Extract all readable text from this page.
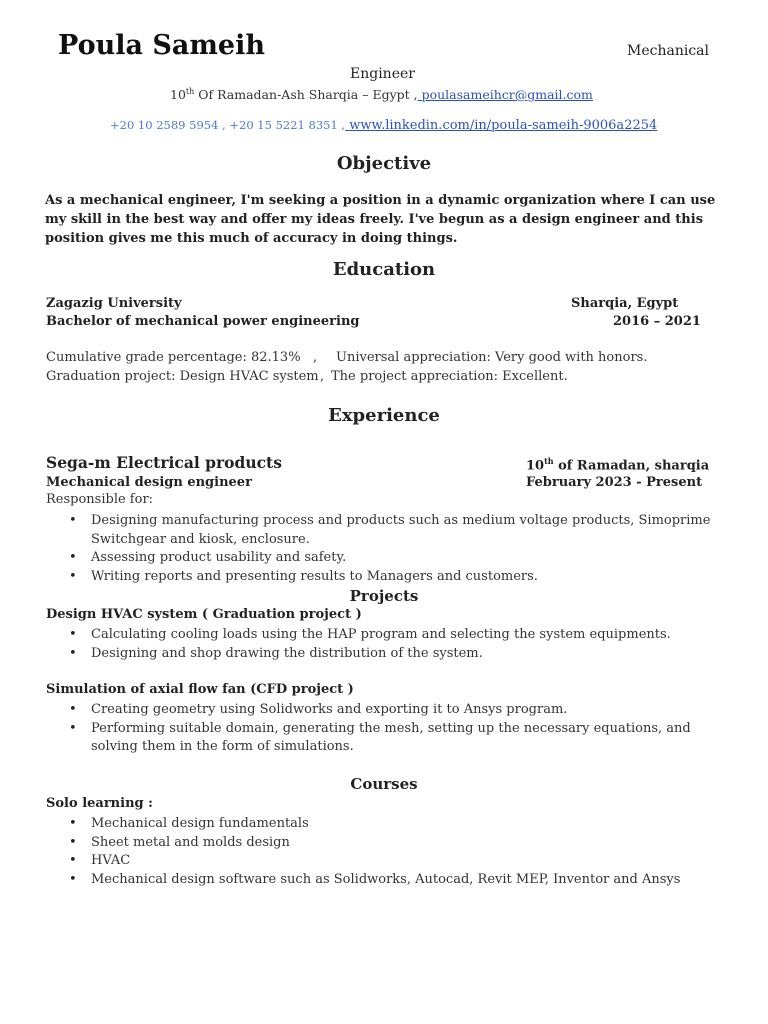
Poula Sameih	Mechanical
Engineer
10th Of Ramadan-Ash Sharqia – Egypt , poulasameihcr@gmail.com
+20 10 2589 5954 , +20 15 5221 8351 , www.linkedin.com/in/poula-sameih-9006a2254
Objective
As a mechanical engineer, I'm seeking a position in a dynamic organization where I can use my skill in the best way and offer my ideas freely. I've begun as a design engineer and this position gives me this much of accuracy in doing things.
Education
Zagazig University	Sharqia, Egypt
Bachelor of mechanical power engineering	2016 – 2021
Cumulative grade percentage: 82.13% , Universal appreciation: Very good with honors.
Graduation project: Design HVAC system , The project appreciation: Excellent.
Experience
Sega-m Electrical products	10th of Ramadan, sharqia
Mechanical design engineer	February 2023 - Present
Responsible for:
• Designing manufacturing process and products such as medium voltage products, Simoprime Switchgear and kiosk, enclosure.
• Assessing product usability and safety.
• Writing reports and presenting results to Managers and customers.
Projects
Design HVAC system ( Graduation project )
• Calculating cooling loads using the HAP program and selecting the system equipments.
• Designing and shop drawing the distribution of the system.
Simulation of axial flow fan (CFD project )
• Creating geometry using Solidworks and exporting it to Ansys program.
• Performing suitable domain, generating the mesh, setting up the necessary equations, and solving them in the form of simulations.
Courses
Solo learning :
• Mechanical design fundamentals
• Sheet metal and molds design
• HVAC
• Mechanical design software such as Solidworks, Autocad, Revit MEP, Inventor and Ansys
